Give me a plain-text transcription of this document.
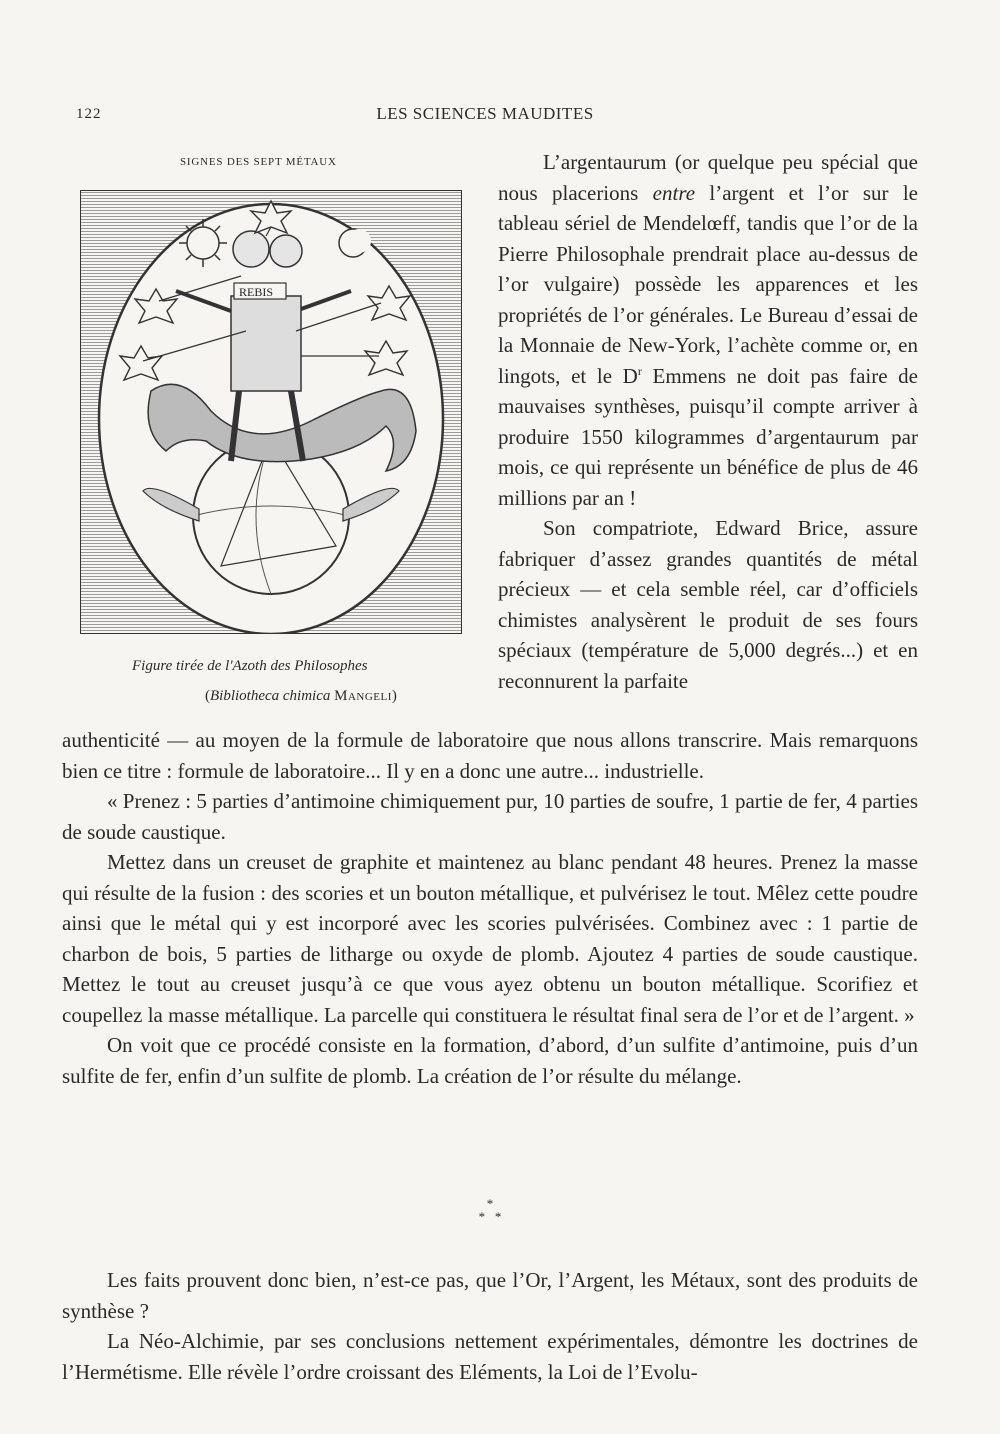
122	LES SCIENCES MAUDITES
SIGNES DES SEPT MÉTAUX
REBIS
Figure tirée de l'Azoth des Philosophes
(Bibliotheca chimica Mangeli)

L’argentaurum (or quelque peu spécial que nous placerions entre l’argent et l’or sur le tableau sériel de Mendelœff, tandis que l’or de la Pierre Philosophale prendrait place au-dessus de l’or vulgaire) possède les apparences et les propriétés de l’or générales. Le Bureau d’essai de la Monnaie de New-York, l’achète comme or, en lingots, et le $D^r$ Emmens ne doit pas faire de mauvaises synthèses, puisqu’il compte arriver à produire 1550 kilogrammes d’argentaurum par mois, ce qui représente un bénéfice de plus de 46 millions par an !

Son compatriote, Edward Brice, assure fabriquer d’assez grandes quantités de métal précieux — et cela semble réel, car d’officiels chimistes analysèrent le produit de ses fours spéciaux (température de 5,000 degrés...) et en reconnurent la parfaite

authenticité — au moyen de la formule de laboratoire que nous allons transcrire. Mais remarquons bien ce titre : formule de laboratoire... Il y en a donc une autre... industrielle.

« Prenez : 5 parties d’antimoine chimiquement pur, 10 parties de soufre, 1 partie de fer, 4 parties de soude caustique.

Mettez dans un creuset de graphite et maintenez au blanc pendant 48 heures. Prenez la masse qui résulte de la fusion : des scories et un bouton métallique, et pulvérisez le tout. Mêlez cette poudre ainsi que le métal qui y est incorporé avec les scories pulvérisées. Combinez avec : 1 partie de charbon de bois, 5 parties de litharge ou oxyde de plomb. Ajoutez 4 parties de soude caustique. Mettez le tout au creuset jusqu’à ce que vous ayez obtenu un bouton métallique. Scorifiez et coupellez la masse métallique. La parcelle qui constituera le résultat final sera de l’or et de l’argent. »

On voit que ce procédé consiste en la formation, d’abord, d’un sulfite d’antimoine, puis d’un sulfite de fer, enfin d’un sulfite de plomb. La création de l’or résulte du mélange.

*
*   *

Les faits prouvent donc bien, n’est-ce pas, que l’Or, l’Argent, les Métaux, sont des produits de synthèse ?

La Néo-Alchimie, par ses conclusions nettement expérimentales, démontre les doctrines de l’Hermétisme. Elle révèle l’ordre croissant des Eléments, la Loi de l’Evolu-
